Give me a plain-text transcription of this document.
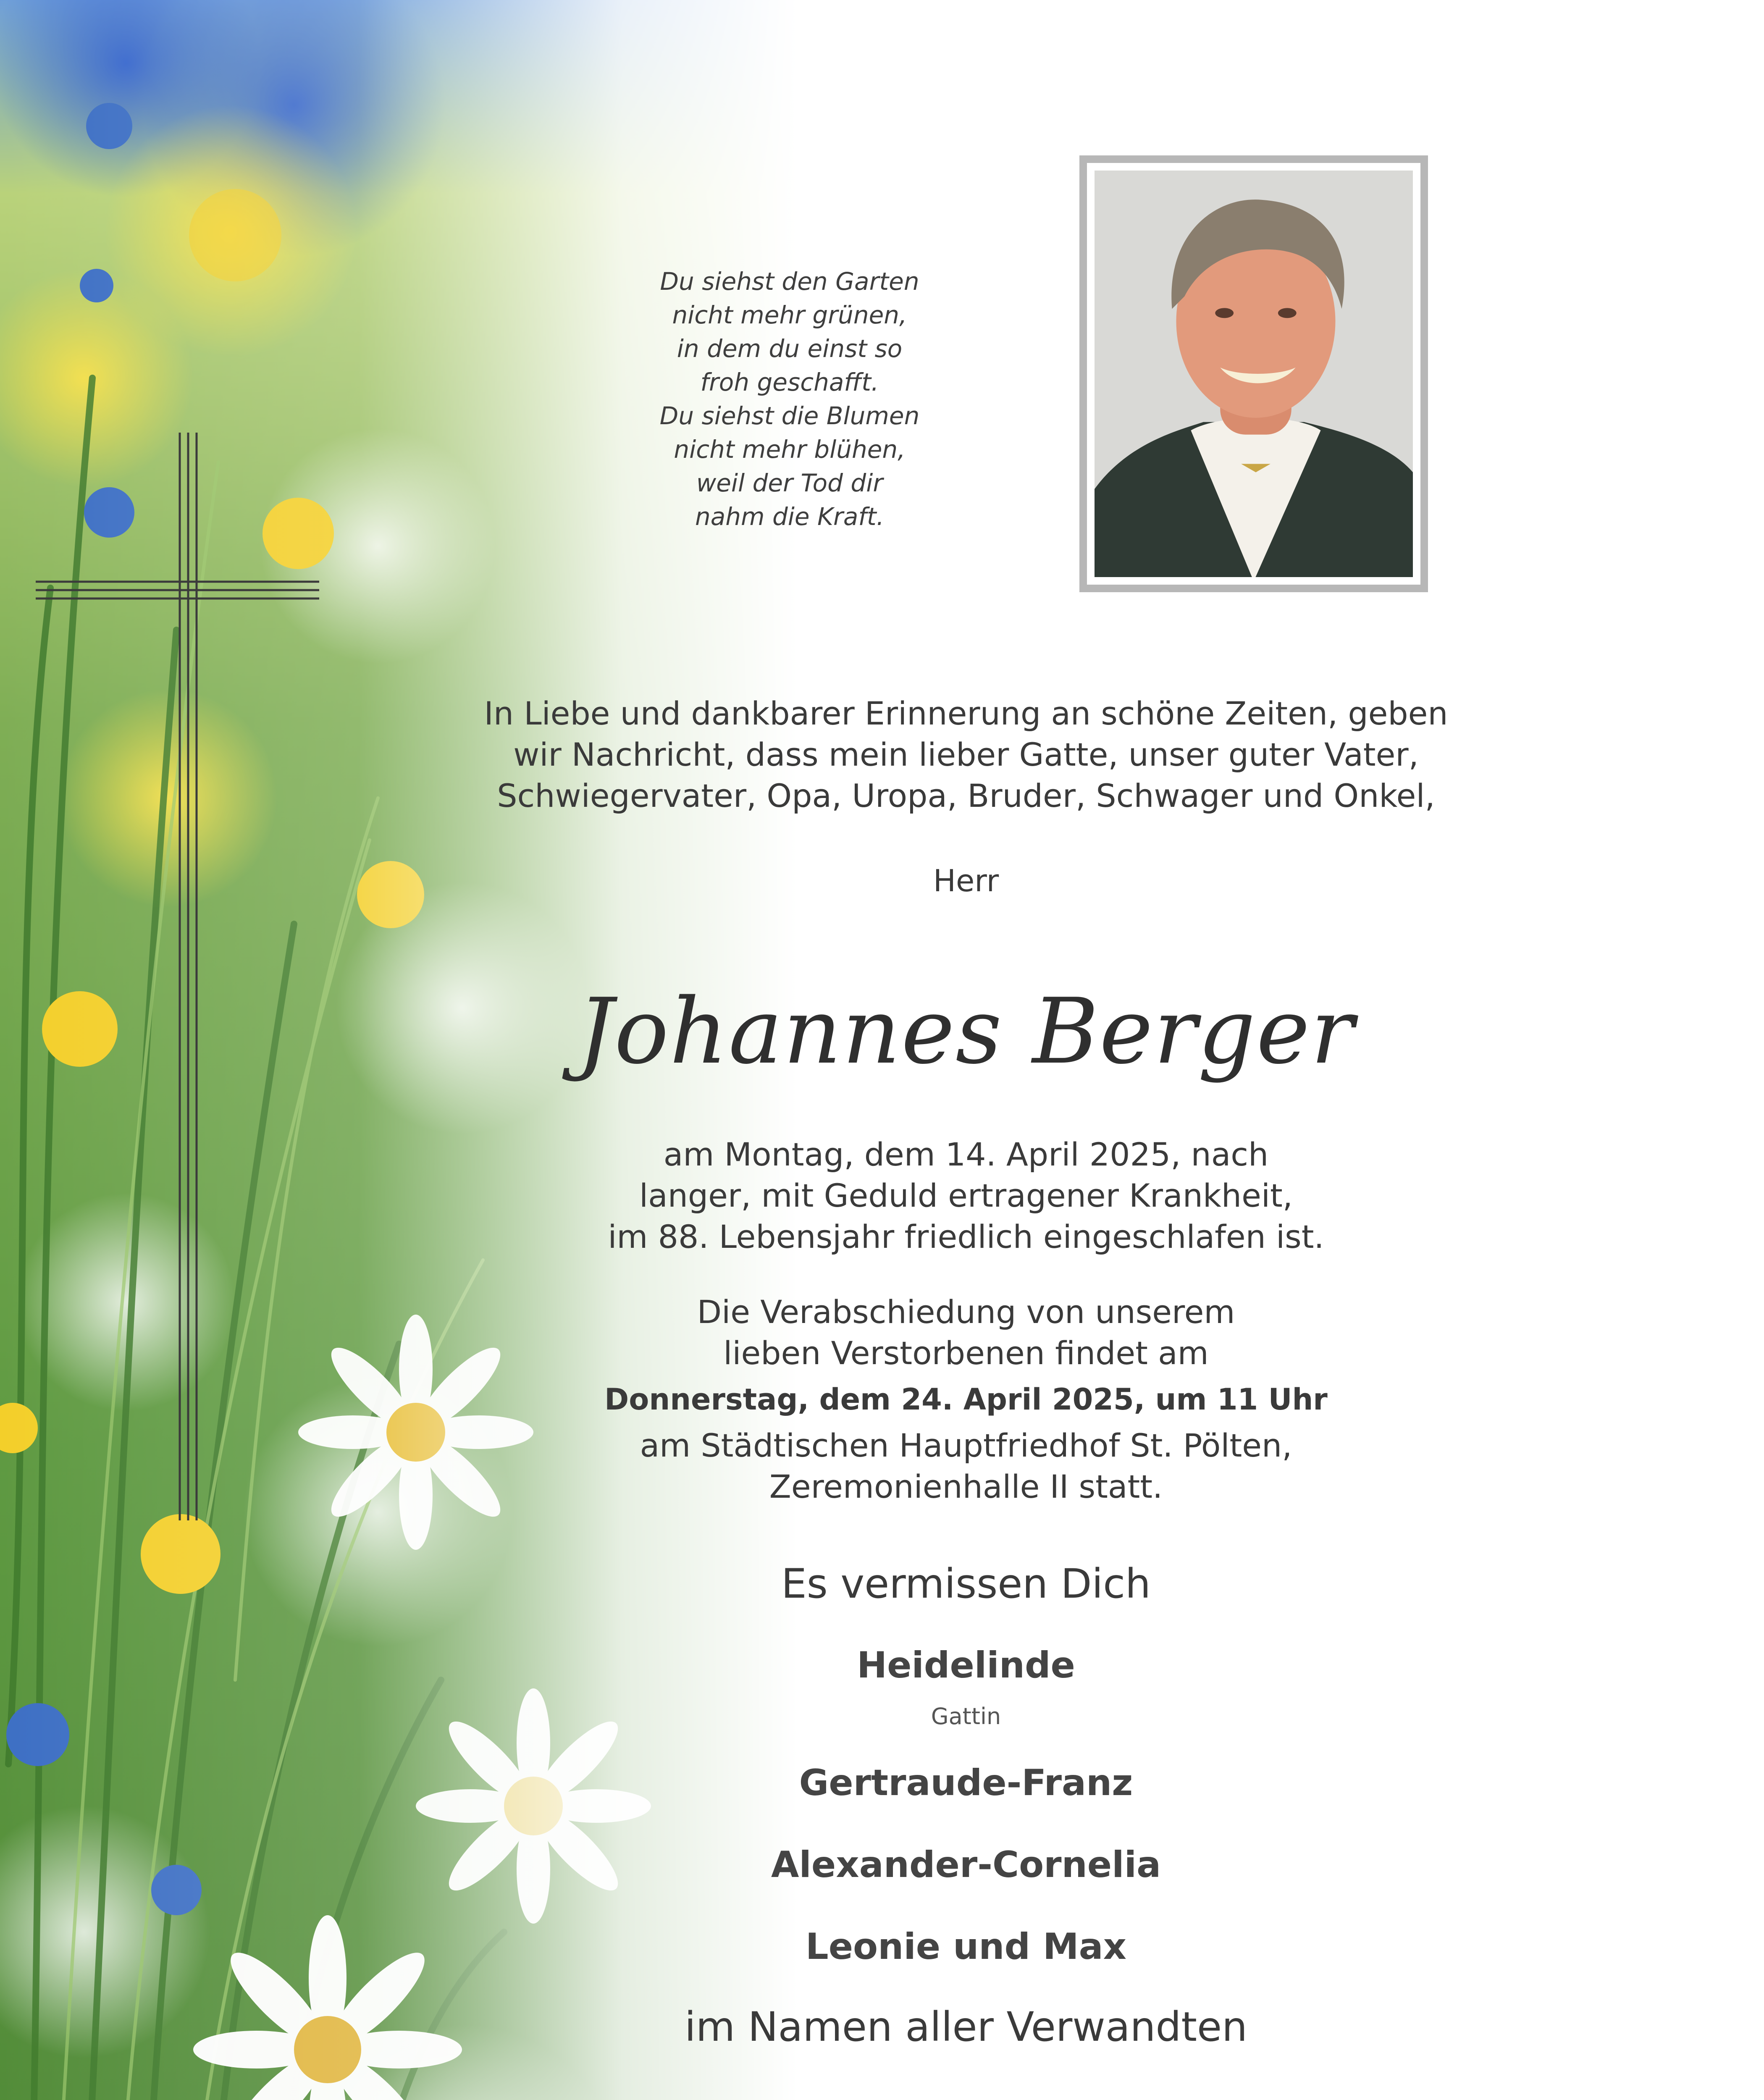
Du siehst den Garten
nicht mehr grünen,
in dem du einst so
froh geschafft.
Du siehst die Blumen
nicht mehr blühen,
weil der Tod dir
nahm die Kraft.
In Liebe und dankbarer Erinnerung an schöne Zeiten, geben
wir Nachricht, dass mein lieber Gatte, unser guter Vater,
Schwiegervater, Opa, Uropa, Bruder, Schwager und Onkel,
Herr
Johannes Berger
am Montag, dem 14. April 2025, nach
langer, mit Geduld ertragener Krankheit,
im 88. Lebensjahr friedlich eingeschlafen ist.
Die Verabschiedung von unserem
lieben Verstorbenen findet am
Donnerstag, dem 24. April 2025, um 11 Uhr
am Städtischen Hauptfriedhof St. Pölten,
Zeremonienhalle II statt.
Es vermissen Dich
Heidelinde
Gattin
Gertraude-Franz
Alexander-Cornelia
Leonie und Max
im Namen aller Verwandten
